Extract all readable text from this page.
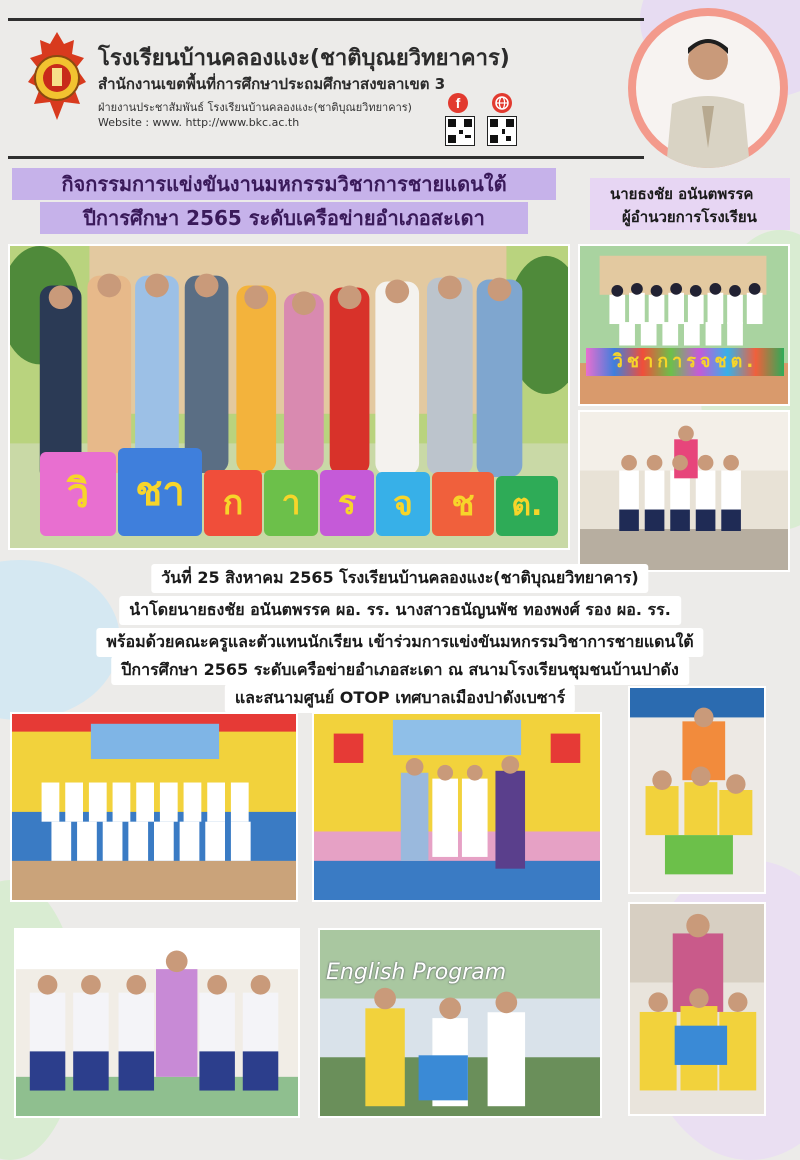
โรงเรียนบ้านคลองแงะ(ชาติบุณยวิทยาคาร)
สำนักงานเขตพื้นที่การศึกษาประถมศึกษาสงขลาเขต 3
ฝ่ายงานประชาสัมพันธ์ โรงเรียนบ้านคลองแงะ(ชาติบุณยวิทยาคาร)
Website : www. http://www.bkc.ac.th
f
นายธงชัย อนันตพรรค
ผู้อำนวยการโรงเรียน
กิจกรรมการแข่งขันงานมหกรรมวิชาการชายแดนใต้
ปีการศึกษา 2565 ระดับเครือข่ายอำเภอสะเดา
วิ	ชา	ก	า	ร	จ	ช	ต.
วิชาการจชต.
วันที่ 25 สิงหาคม 2565 โรงเรียนบ้านคลองแงะ(ชาติบุณยวิทยาคาร)
นำโดยนายธงชัย อนันตพรรค ผอ. รร. นางสาวธนัญนพัช ทองพงศ์ รอง ผอ. รร.
พร้อมด้วยคณะครูและตัวแทนนักเรียน เข้าร่วมการแข่งขันมหกรรมวิชาการชายแดนใต้
ปีการศึกษา 2565 ระดับเครือข่ายอำเภอสะเดา ณ สนามโรงเรียนชุมชนบ้านปาดัง
และสนามศูนย์ OTOP เทศบาลเมืองปาดังเบซาร์
English Program
